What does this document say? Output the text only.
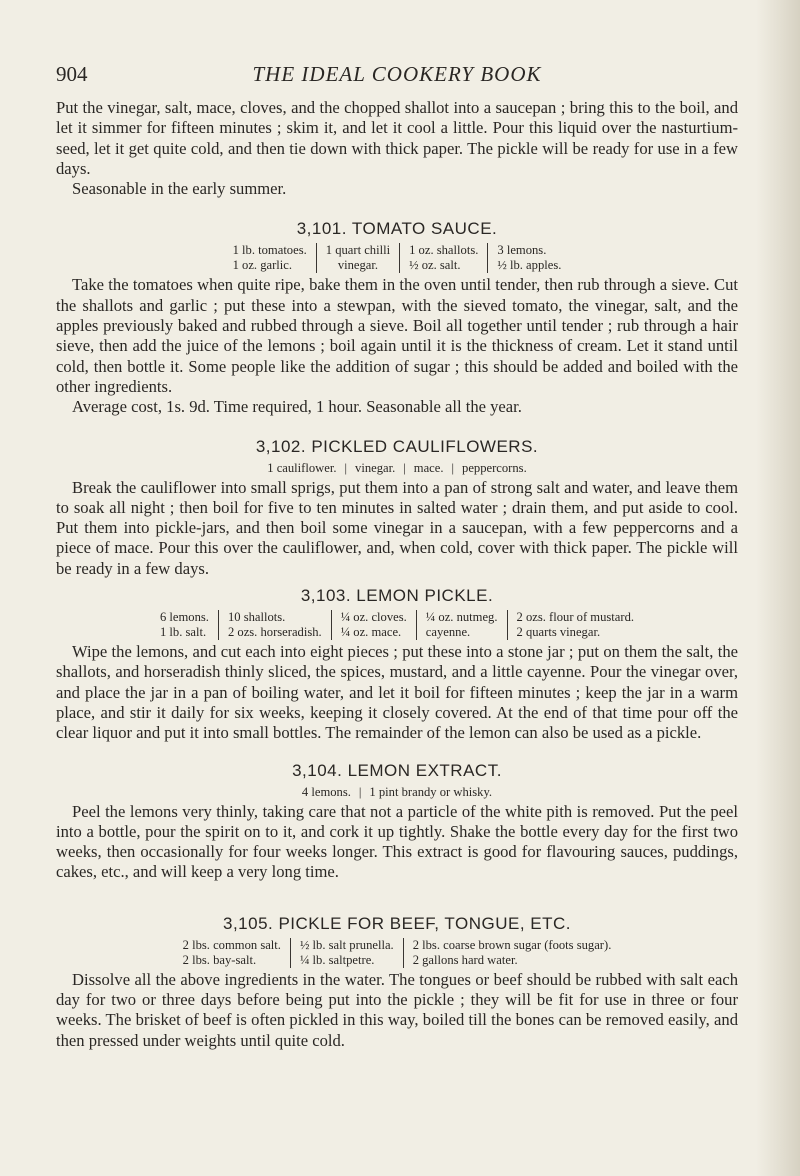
904	THE IDEAL COOKERY BOOK

Put the vinegar, salt, mace, cloves, and the chopped shallot into a saucepan ; bring this to the boil, and let it simmer for fifteen minutes ; skim it, and let it cool a little. Pour this liquid over the nasturtium-seed, let it get quite cold, and then tie down with thick paper. The pickle will be ready for use in a few days.

Seasonable in the early summer.

3,101. TOMATO SAUCE.
1 lb. tomatoes.
1 oz. garlic.
1 quart chilli
vinegar.
1 oz. shallots.
½ oz. salt.
3 lemons.
½ lb. apples.

Take the tomatoes when quite ripe, bake them in the oven until tender, then rub through a sieve. Cut the shallots and garlic ; put these into a stewpan, with the sieved tomato, the vinegar, salt, and the apples previously baked and rubbed through a sieve. Boil all together until tender ; rub through a hair sieve, then add the juice of the lemons ; boil again until it is the thickness of cream. Let it stand until cold, then bottle it. Some people like the addition of sugar ; this should be added and boiled with the other ingredients.

Average cost, 1s. 9d. Time required, 1 hour. Seasonable all the year.

3,102. PICKLED CAULIFLOWERS.
1 cauliflower. | vinegar. | mace. | peppercorns.

Break the cauliflower into small sprigs, put them into a pan of strong salt and water, and leave them to soak all night ; then boil for five to ten minutes in salted water ; drain them, and put aside to cool. Put them into pickle-jars, and then boil some vinegar in a saucepan, with a few peppercorns and a piece of mace. Pour this over the cauliflower, and, when cold, cover with thick paper. The pickle will be ready in a few days.

3,103. LEMON PICKLE.
6 lemons.
1 lb. salt.
10 shallots.
2 ozs. horseradish.
¼ oz. cloves.
¼ oz. mace.
¼ oz. nutmeg.
cayenne.
2 ozs. flour of mustard.
2 quarts vinegar.

Wipe the lemons, and cut each into eight pieces ; put these into a stone jar ; put on them the salt, the shallots, and horseradish thinly sliced, the spices, mustard, and a little cayenne. Pour the vinegar over, and place the jar in a pan of boiling water, and let it boil for fifteen minutes ; keep the jar in a warm place, and stir it daily for six weeks, keeping it closely covered. At the end of that time pour off the clear liquor and put it into small bottles. The remainder of the lemon can also be used as a pickle.

3,104. LEMON EXTRACT.
4 lemons. | 1 pint brandy or whisky.

Peel the lemons very thinly, taking care that not a particle of the white pith is removed. Put the peel into a bottle, pour the spirit on to it, and cork it up tightly. Shake the bottle every day for the first two weeks, then occasionally for four weeks longer. This extract is good for flavouring sauces, puddings, cakes, etc., and will keep a very long time.

3,105. PICKLE FOR BEEF, TONGUE, ETC.
2 lbs. common salt.
2 lbs. bay-salt.
½ lb. salt prunella.
¼ lb. saltpetre.
2 lbs. coarse brown sugar (foots sugar).
2 gallons hard water.

Dissolve all the above ingredients in the water. The tongues or beef should be rubbed with salt each day for two or three days before being put into the pickle ; they will be fit for use in three or four weeks. The brisket of beef is often pickled in this way, boiled till the bones can be removed easily, and then pressed under weights until quite cold.
